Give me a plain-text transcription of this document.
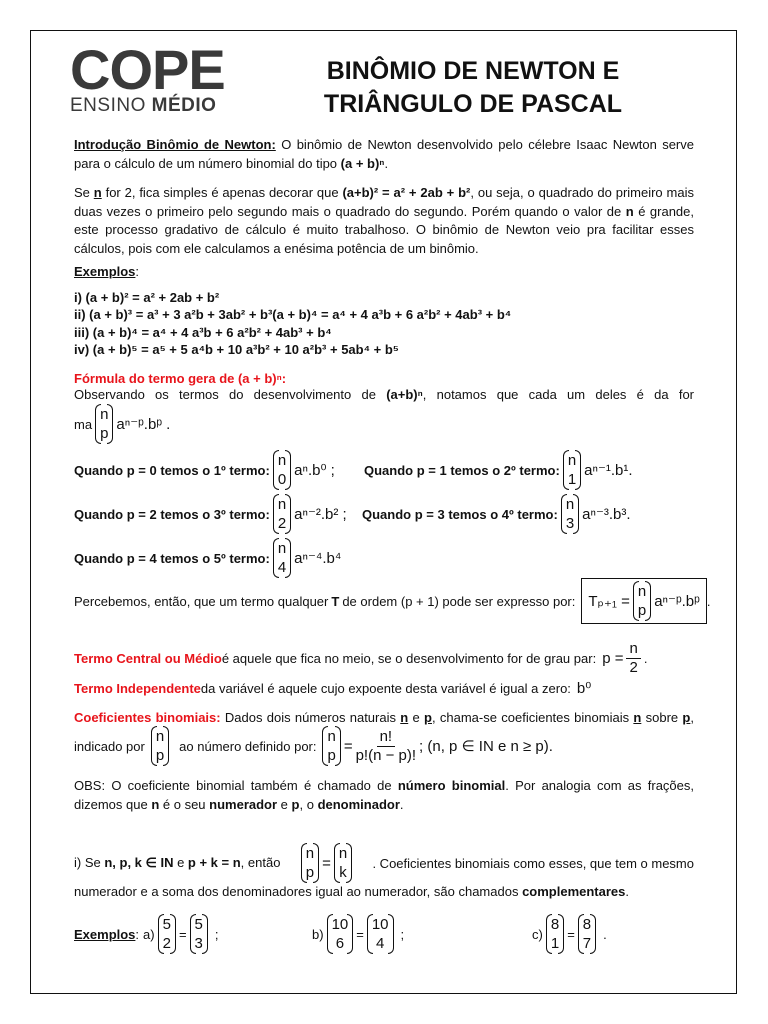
COPE
ENSINO MÉDIO
BINÔMIO DE NEWTON E
TRIÂNGULO DE PASCAL
Introdução Binômio de Newton: O binômio de Newton desenvolvido pelo célebre Isaac Newton serve para o cálculo de um número binomial do tipo (a + b)ⁿ.
Se n for 2, fica simples é apenas decorar que (a+b)² = a² + 2ab + b², ou seja, o quadrado do primeiro mais duas vezes o primeiro pelo segundo mais o quadrado do segundo. Porém quando o valor de n é grande, este processo gradativo de cálculo é muito trabalhoso. O binômio de Newton veio pra facilitar esses cálculos, pois com ele calculamos a enésima potência de um binômio.
Exemplos:
i) (a + b)² = a² + 2ab + b²
ii) (a + b)³ = a³ + 3 a²b + 3ab² + b³(a + b)⁴ = a⁴ + 4 a³b + 6 a²b² + 4ab³ + b⁴
iii) (a + b)⁴ = a⁴ + 4 a³b + 6 a²b² + 4ab³ + b⁴
iv) (a + b)⁵ = a⁵ + 5 a⁴b + 10 a³b² + 10 a²b³ + 5ab⁴ + b⁵
Fórmula do termo gera de (a + b)ⁿ:
Observando os termos do desenvolvimento de (a+b)ⁿ, notamos que cada um deles é da for
ma
n
p
aⁿ⁻ᵖ.bᵖ .
Quando p = 0 temos o 1º termo:
n
0
aⁿ.b⁰ ; Quando p = 1 temos o 2º termo:
n
1
aⁿ⁻¹.b¹.
Quando p = 2 temos o 3º termo:
n
2
aⁿ⁻².b² ; Quando p = 3 temos o 4º termo:
n
3
aⁿ⁻³.b³.
Quando p = 4 temos o 5º termo:
n
4
aⁿ⁻⁴.b⁴
Percebemos, então, que um termo qualquer T de ordem (p + 1) pode ser expresso por: Tₚ₊₁ =
n
p
aⁿ⁻ᵖ.bᵖ .
Termo Central ou Médio é aquele que fica no meio, se o desenvolvimento for de grau par: $p = \frac{n}{2}$ .
Termo Independente da variável é aquele cujo expoente desta variável é igual a zero: b⁰
Coeficientes binomiais: Dados dois números naturais n e p, chama-se coeficientes binomiais n sobre p,
indicado por
n
p
ao número definido por:
n
p
= $\frac{n!}{p!(n - p)!}$ ; (n, p ∈ IN e n ≥ p).
OBS: O coeficiente binomial também é chamado de número binomial. Por analogia com as frações, dizemos que n é o seu numerador e p, o denominador.
i) Se n, p, k ∈ IN e p + k = n, então
n
p
=
n
k
. Coeficientes binomiais como esses, que tem o mesmo
numerador e a soma dos denominadores igual ao numerador, são chamados complementares.
Exemplos : a)
5
2
=
5
3
;	b)
10
6
=
10
4
;	c)
8
1
=
8
7
.
